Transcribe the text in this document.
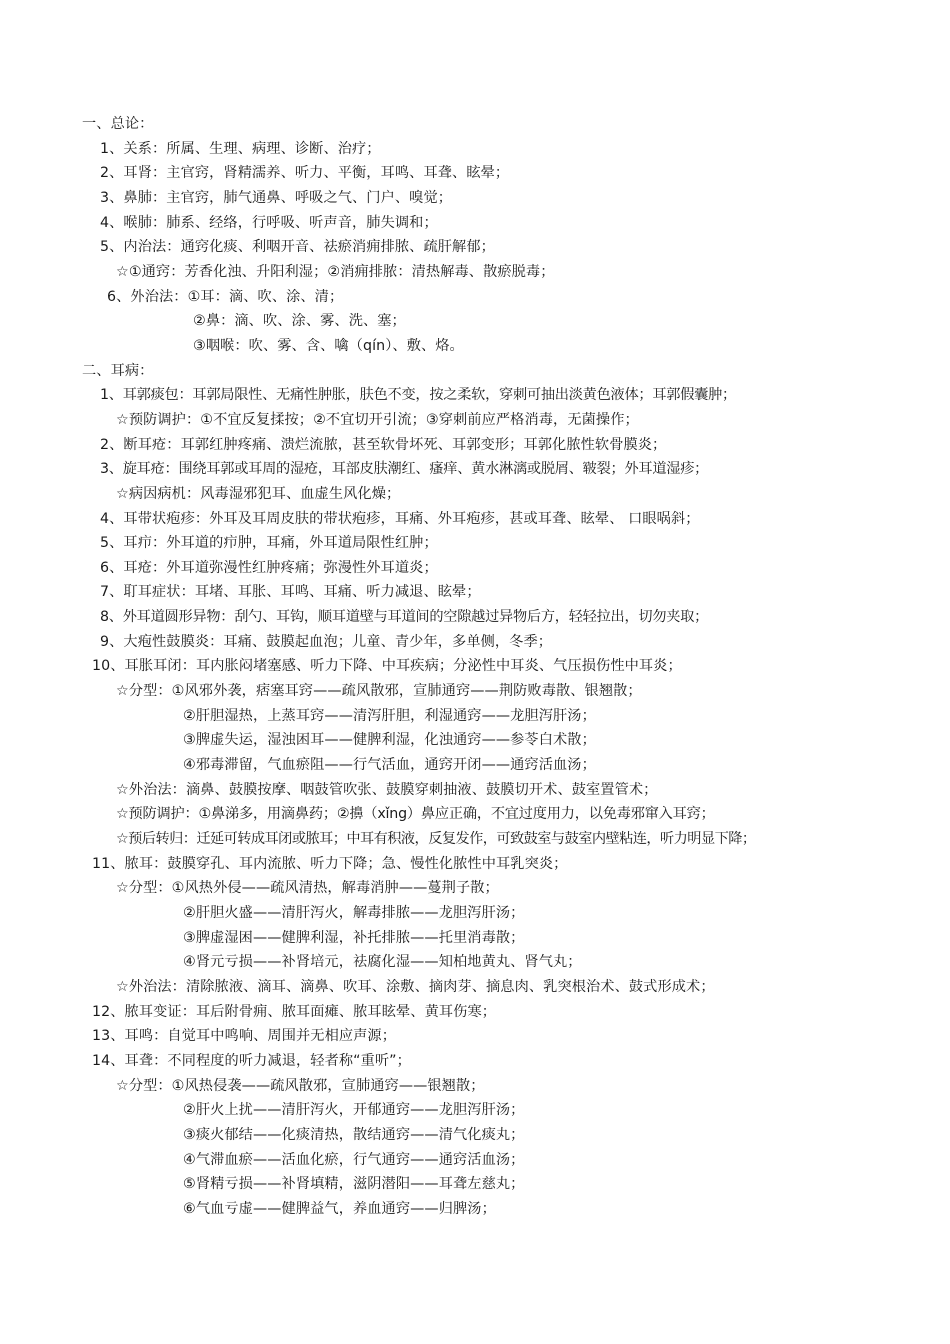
一、总论：
1、关系：所属、生理、病理、诊断、治疗；
2、耳肾：主官窍，肾精濡养、听力、平衡，耳鸣、耳聋、眩晕；
3、鼻肺：主官窍，肺气通鼻、呼吸之气、门户、嗅觉；
4、喉肺：肺系、经络，行呼吸、听声音，肺失调和；
5、内治法：通窍化痰、利咽开音、祛瘀消痈排脓、疏肝解郁；
☆①通窍：芳香化浊、升阳利湿；②消痈排脓：清热解毒、散瘀脱毒；
6、外治法：①耳：滴、吹、涂、清；
②鼻：滴、吹、涂、雾、洗、塞；
③咽喉：吹、雾、含、噙（qín）、敷、烙。
二、耳病：
1、耳郭痰包：耳郭局限性、无痛性肿胀，肤色不变，按之柔软，穿刺可抽出淡黄色液体；耳郭假囊肿；
☆预防调护：①不宜反复揉按；②不宜切开引流；③穿刺前应严格消毒，无菌操作；
2、断耳疮：耳郭红肿疼痛、溃烂流脓，甚至软骨坏死、耳郭变形；耳郭化脓性软骨膜炎；
3、旋耳疮：围绕耳郭或耳周的湿疮，耳部皮肤潮红、瘙痒、黄水淋漓或脱屑、皲裂；外耳道湿疹；
☆病因病机：风毒湿邪犯耳、血虚生风化燥；
4、耳带状疱疹：外耳及耳周皮肤的带状疱疹，耳痛、外耳疱疹，甚或耳聋、眩晕、 口眼㖞斜；
5、耳疖：外耳道的疖肿，耳痛，外耳道局限性红肿；
6、耳疮：外耳道弥漫性红肿疼痛；弥漫性外耳道炎；
7、耵耳症状：耳堵、耳胀、耳鸣、耳痛、听力减退、眩晕；
8、外耳道圆形异物：刮勺、耳钩，顺耳道壁与耳道间的空隙越过异物后方，轻轻拉出，切勿夹取；
9、大疱性鼓膜炎：耳痛、鼓膜起血泡；儿童、青少年，多单侧，冬季；
10、耳胀耳闭：耳内胀闷堵塞感、听力下降、中耳疾病；分泌性中耳炎、气压损伤性中耳炎；
☆分型：①风邪外袭，痞塞耳窍——疏风散邪，宣肺通窍——荆防败毒散、银翘散；
②肝胆湿热，上蒸耳窍——清泻肝胆，利湿通窍——龙胆泻肝汤；
③脾虚失运，湿浊困耳——健脾利湿，化浊通窍——参苓白术散；
④邪毒滞留，气血瘀阻——行气活血，通窍开闭——通窍活血汤；
☆外治法：滴鼻、鼓膜按摩、咽鼓管吹张、鼓膜穿刺抽液、鼓膜切开术、鼓室置管术；
☆预防调护：①鼻涕多，用滴鼻药；②擤（xǐng）鼻应正确，不宜过度用力，以免毒邪窜入耳窍；
☆预后转归：迁延可转成耳闭或脓耳；中耳有积液，反复发作，可致鼓室与鼓室内壁粘连，听力明显下降；
11、脓耳：鼓膜穿孔、耳内流脓、听力下降；急、慢性化脓性中耳乳突炎；
☆分型：①风热外侵——疏风清热，解毒消肿——蔓荆子散；
②肝胆火盛——清肝泻火，解毒排脓——龙胆泻肝汤；
③脾虚湿困——健脾利湿，补托排脓——托里消毒散；
④肾元亏损——补肾培元，祛腐化湿——知柏地黄丸、肾气丸；
☆外治法：清除脓液、滴耳、滴鼻、吹耳、涂敷、摘肉芽、摘息肉、乳突根治术、鼓式形成术；
12、脓耳变证：耳后附骨痈、脓耳面瘫、脓耳眩晕、黄耳伤寒；
13、耳鸣：自觉耳中鸣响、周围并无相应声源；
14、耳聋：不同程度的听力减退，轻者称“重听”；
☆分型：①风热侵袭——疏风散邪，宣肺通窍——银翘散；
②肝火上扰——清肝泻火，开郁通窍——龙胆泻肝汤；
③痰火郁结——化痰清热，散结通窍——清气化痰丸；
④气滞血瘀——活血化瘀，行气通窍——通窍活血汤；
⑤肾精亏损——补肾填精，滋阴潜阳——耳聋左慈丸；
⑥气血亏虚——健脾益气，养血通窍——归脾汤；
